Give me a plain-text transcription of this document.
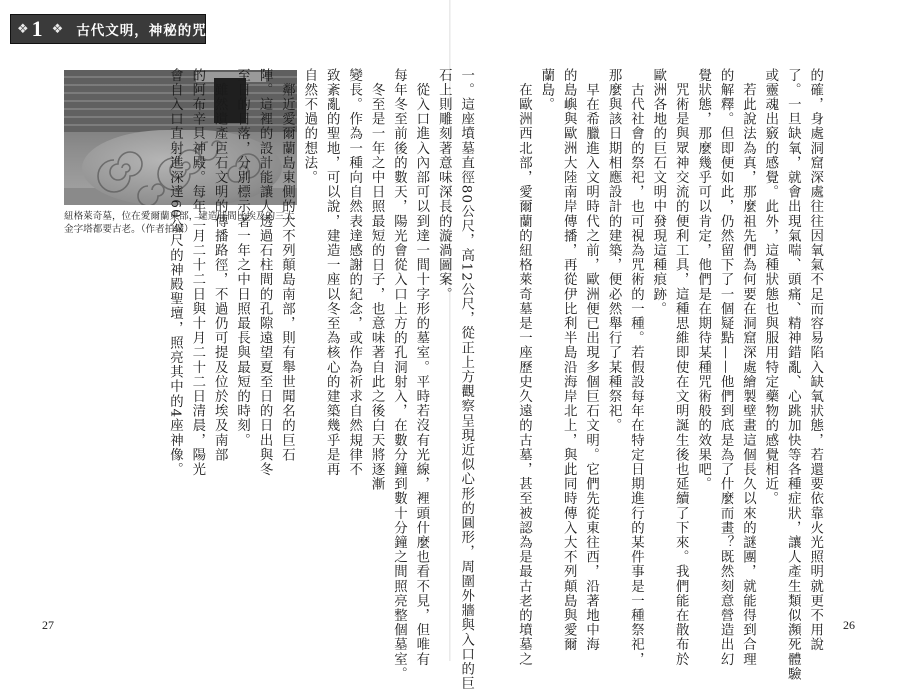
❖ 1 ❖ 古代文明，神秘的咒術史
紐格萊奇墓，位在愛爾蘭東部，建造時間比埃及的三大金字塔都要古老。（作者拍攝）	一。這座墳墓直徑80公尺，高12公尺，從正上方觀察呈現近似心形的圓形，周圍外牆與入口的巨
石上則雕刻著意味深長的漩渦圖案。
　從入口進入內部可以到達一間十字形的墓室。平時若沒有光線，裡頭什麼也看不見，但唯有
每年冬至前後的數天，陽光會從入口上方的孔洞射入，在數分鐘到數十分鐘之間照亮整個墓室。
　冬至是一年之中日照最短的日子，也意味著自此之後白天將逐漸
變長。作為一種向自然表達感謝的紀念，或作為祈求自然規律不
致紊亂的聖地，可以說，建造一座以冬至為核心的建築幾乎是再
自然不過的想法。
　鄰近愛爾蘭島東側的大不列顛島南部，則有舉世聞名的巨石
陣。這裡的設計能讓人透過石柱間的孔隙遠望夏至日的日出與冬
至日的日落，分別標示著一年之中日照最長與最短的時刻。
　雖然遺產巨石文明的傳播路徑，不過仍可提及位於埃及南部
的阿布辛貝神殿。每年二月二十二日與十月二十二日清晨，陽光
會自入口直射進深達60公尺的神殿聖壇，照亮其中的4座神像。	的確，身處洞窟深處往往因氧氣不足而容易陷入缺氧狀態，若還要依靠火光照明就更不用說
了。一旦缺氧，就會出現氣喘、頭痛、精神錯亂、心跳加快等各種症狀，讓人產生類似瀕死體驗
或靈魂出竅的感覺。此外，這種狀態也與服用特定藥物的感覺相近。
　若此說法為真，那麼祖先們為何要在洞窟深處繪製壁畫這個長久以來的謎團，就能得到合理
的解釋。但即便如此，仍然留下了一個疑點——他們到底是為了什麼而畫？既然刻意營造出幻
覺狀態，那麼幾乎可以肯定，他們是在期待某種咒術般的效果吧。
　咒術是與眾神交流的便利工具，這種思維即使在文明誕生後也延續了下來。我們能在散布於
歐洲各地的巨石文明中發現這種痕跡。
　古代社會的祭祀，也可視為咒術的一種。若假設每年在特定日期進行的某件事是一種祭祀，
那麼與該日期相應設計的建築，便必然舉行了某種祭祀。
　早在希臘進入文明時代之前，歐洲便已出現多個巨石文明。它們先從東往西，沿著地中海
的島嶼與歐洲大陸南岸傳播，再從伊比利半島沿海岸北上，與此同時傳入大不列顛島與愛爾
蘭島。
　在歐洲西北部，愛爾蘭的紐格萊奇墓是一座歷史久遠的古墓，甚至被認為是最古老的墳墓之
27	26
